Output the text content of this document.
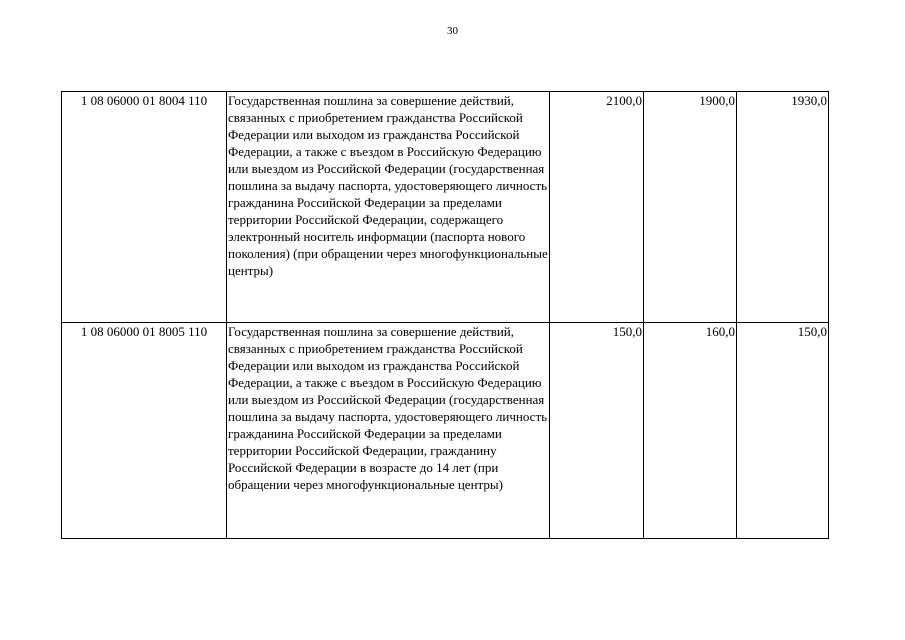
30
1 08 06000 01 8004 110	Государственная пошлина за совершение действий, связанных с приобретением гражданства Российской Федерации или выходом из гражданства Российской Федерации, а также с въездом в Российскую Федерацию или выездом из Российской Федерации (государственная пошлина за выдачу паспорта, удостоверяющего личность гражданина Российской Федерации за пределами территории Российской Федерации, содержащего электронный носитель информации (паспорта нового поколения) (при обращении через многофункциональные центры)	2100,0	1900,0	1930,0
1 08 06000 01 8005 110	Государственная пошлина за совершение действий, связанных с приобретением гражданства Российской Федерации или выходом из гражданства Российской Федерации, а также с въездом в Российскую Федерацию или выездом из Российской Федерации (государственная пошлина за выдачу паспорта, удостоверяющего личность гражданина Российской Федерации за пределами территории Российской Федерации, гражданину Российской Федерации в возрасте до 14 лет (при обращении через многофункциональные центры)	150,0	160,0	150,0
